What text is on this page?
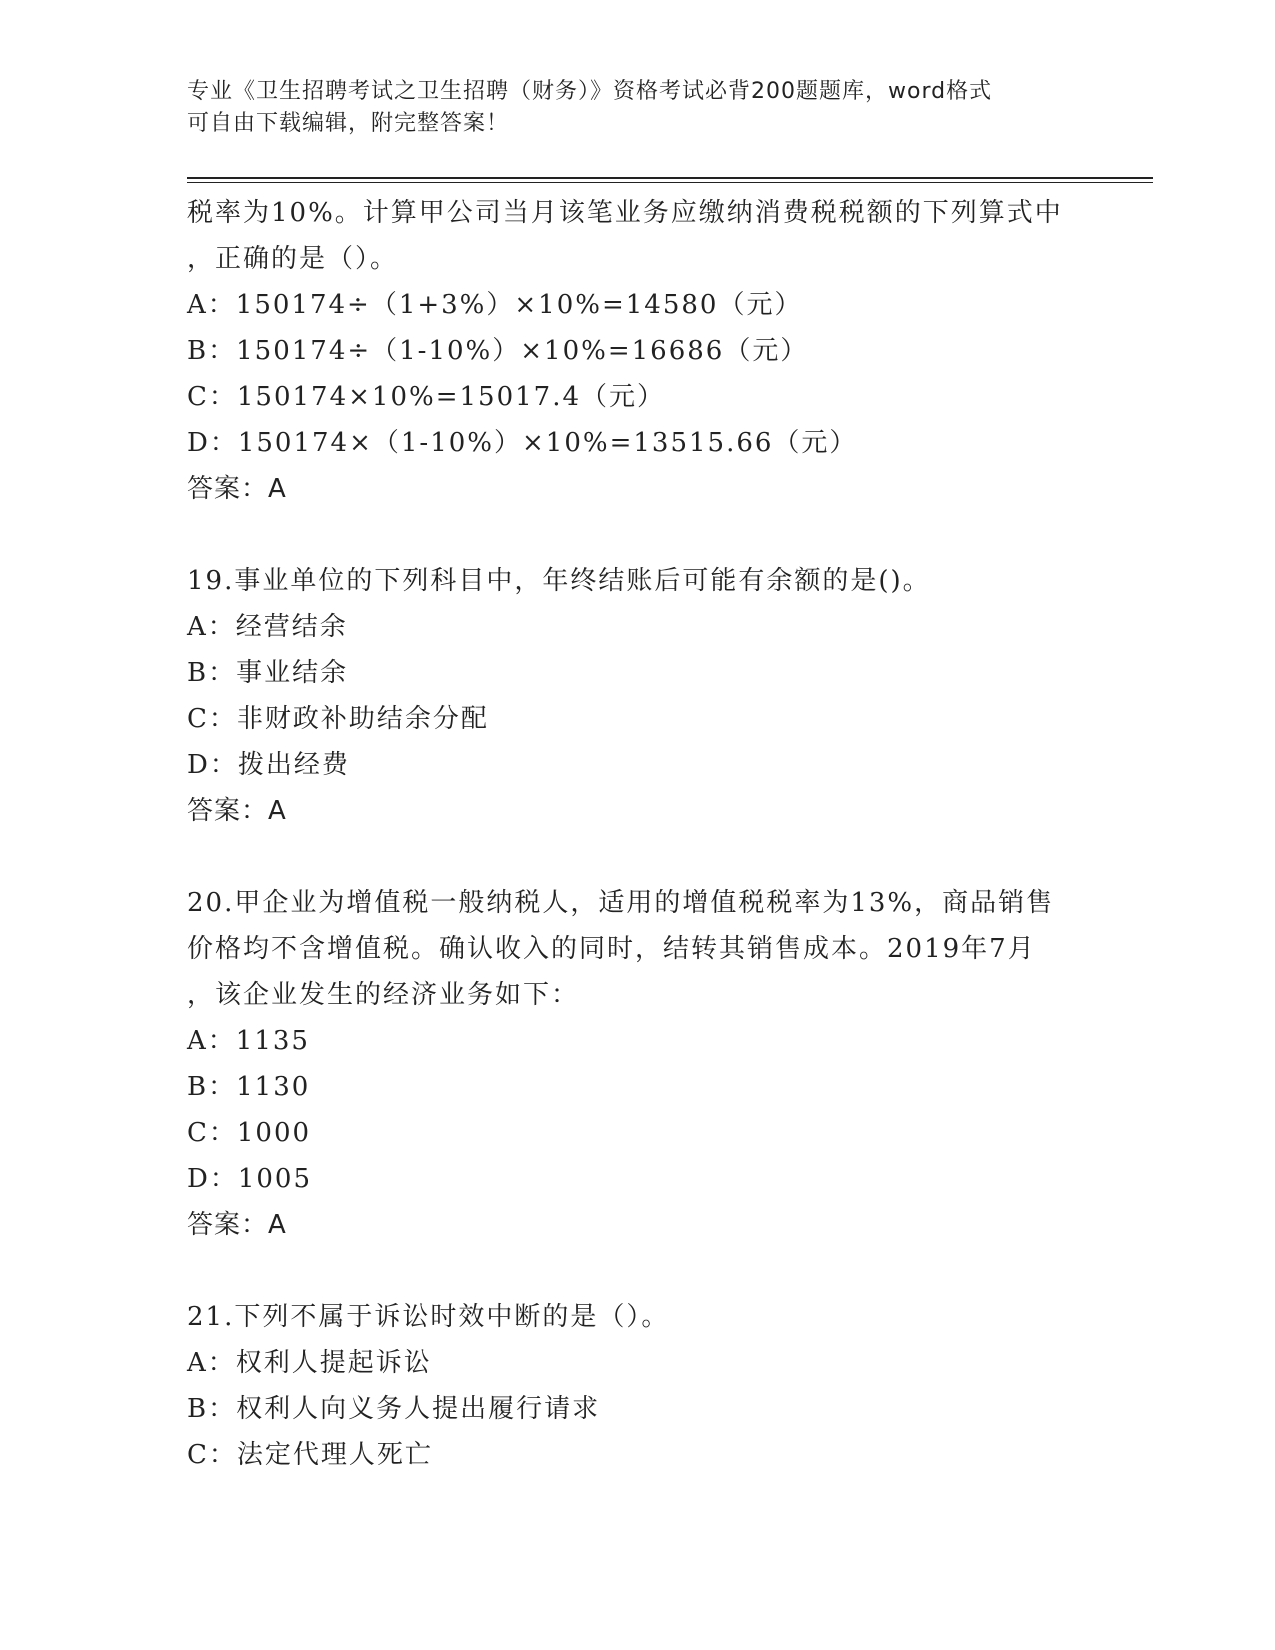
专业《卫生招聘考试之卫生招聘（财务）》资格考试必背200题题库，word格式
可自由下载编辑，附完整答案！
税率为10%。计算甲公司当月该笔业务应缴纳消费税税额的下列算式中
，正确的是（）。
A：150174÷（1+3%）×10%=14580（元）
B：150174÷（1-10%）×10%=16686（元）
C：150174×10%=15017.4（元）
D：150174×（1-10%）×10%=13515.66（元）
答案：A
19.事业单位的下列科目中，年终结账后可能有余额的是()。
A：经营结余
B：事业结余
C：非财政补助结余分配
D：拨出经费
答案：A
20.甲企业为增值税一般纳税人，适用的增值税税率为13%，商品销售
价格均不含增值税。确认收入的同时，结转其销售成本。2019年7月
，该企业发生的经济业务如下：
A：1135
B：1130
C：1000
D：1005
答案：A
21.下列不属于诉讼时效中断的是（）。
A：权利人提起诉讼
B：权利人向义务人提出履行请求
C：法定代理人死亡
